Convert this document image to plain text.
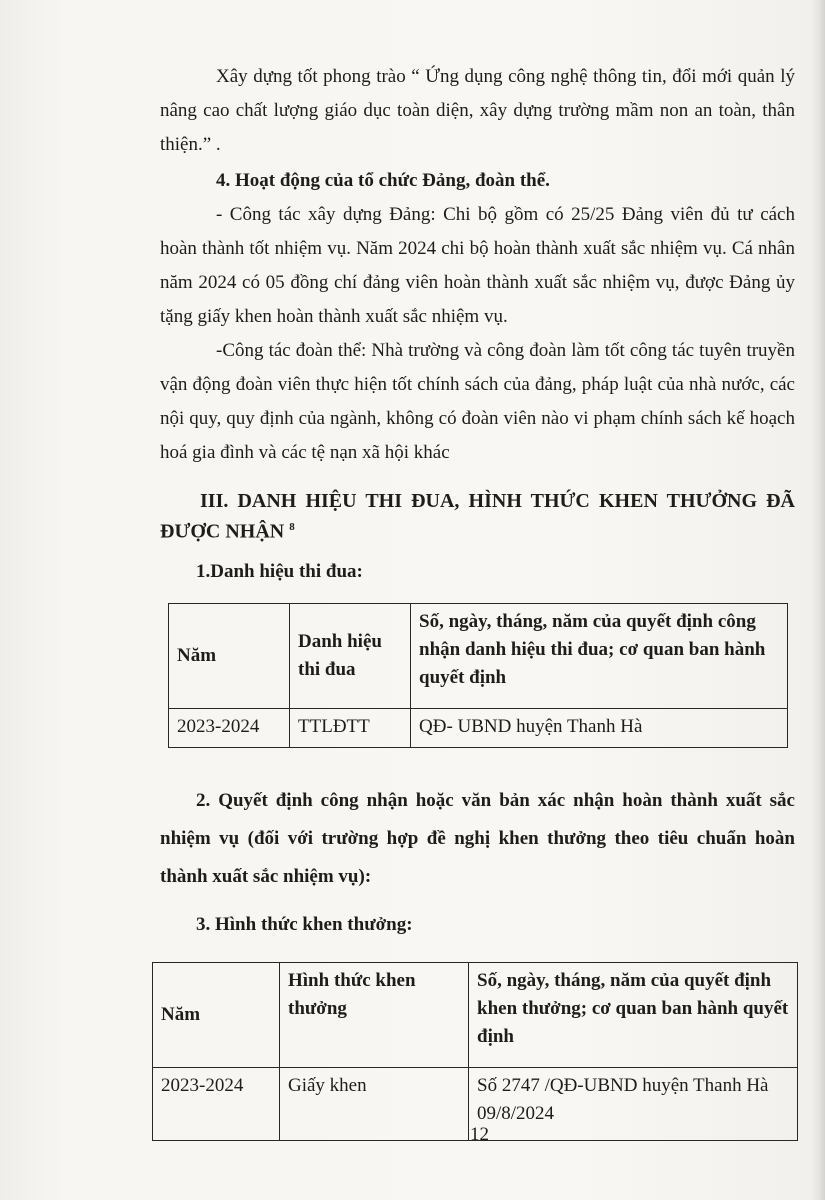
Xây dựng tốt phong trào “ Ứng dụng công nghệ thông tin, đổi mới quản lý nâng cao chất lượng giáo dục toàn diện, xây dựng trường mầm non an toàn, thân thiện.” .

4. Hoạt động của tổ chức Đảng, đoàn thể.

- Công tác xây dựng Đảng: Chi bộ gồm có 25/25 Đảng viên đủ tư cách hoàn thành tốt nhiệm vụ. Năm 2024 chi bộ hoàn thành xuất sắc nhiệm vụ. Cá nhân năm 2024 có 05 đồng chí đảng viên hoàn thành xuất sắc nhiệm vụ, được Đảng ủy tặng giấy khen hoàn thành xuất sắc nhiệm vụ.

-Công tác đoàn thể: Nhà trường và công đoàn làm tốt công tác tuyên truyền vận động đoàn viên thực hiện tốt chính sách của đảng, pháp luật của nhà nước, các nội quy, quy định của ngành, không có đoàn viên nào vi phạm chính sách kế hoạch hoá gia đình và các tệ nạn xã hội khác

III. DANH HIỆU THI ĐUA, HÌNH THỨC KHEN THƯỞNG ĐÃ ĐƯỢC NHẬN $^8$

1.Danh hiệu thi đua:

Năm	Danh hiệu thi đua	Số, ngày, tháng, năm của quyết định công nhận danh hiệu thi đua; cơ quan ban hành quyết định
2023-2024	TTLĐTT	QĐ- UBND huyện Thanh Hà

2. Quyết định công nhận hoặc văn bản xác nhận hoàn thành xuất sắc nhiệm vụ (đối với trường hợp đề nghị khen thưởng theo tiêu chuẩn hoàn thành xuất sắc nhiệm vụ):

3. Hình thức khen thưởng:

Năm	Hình thức khen thưởng	Số, ngày, tháng, năm của quyết định khen thưởng; cơ quan ban hành quyết định
2023-2024	Giấy khen	Số 2747 /QĐ-UBND huyện Thanh Hà 09/8/2024
12
